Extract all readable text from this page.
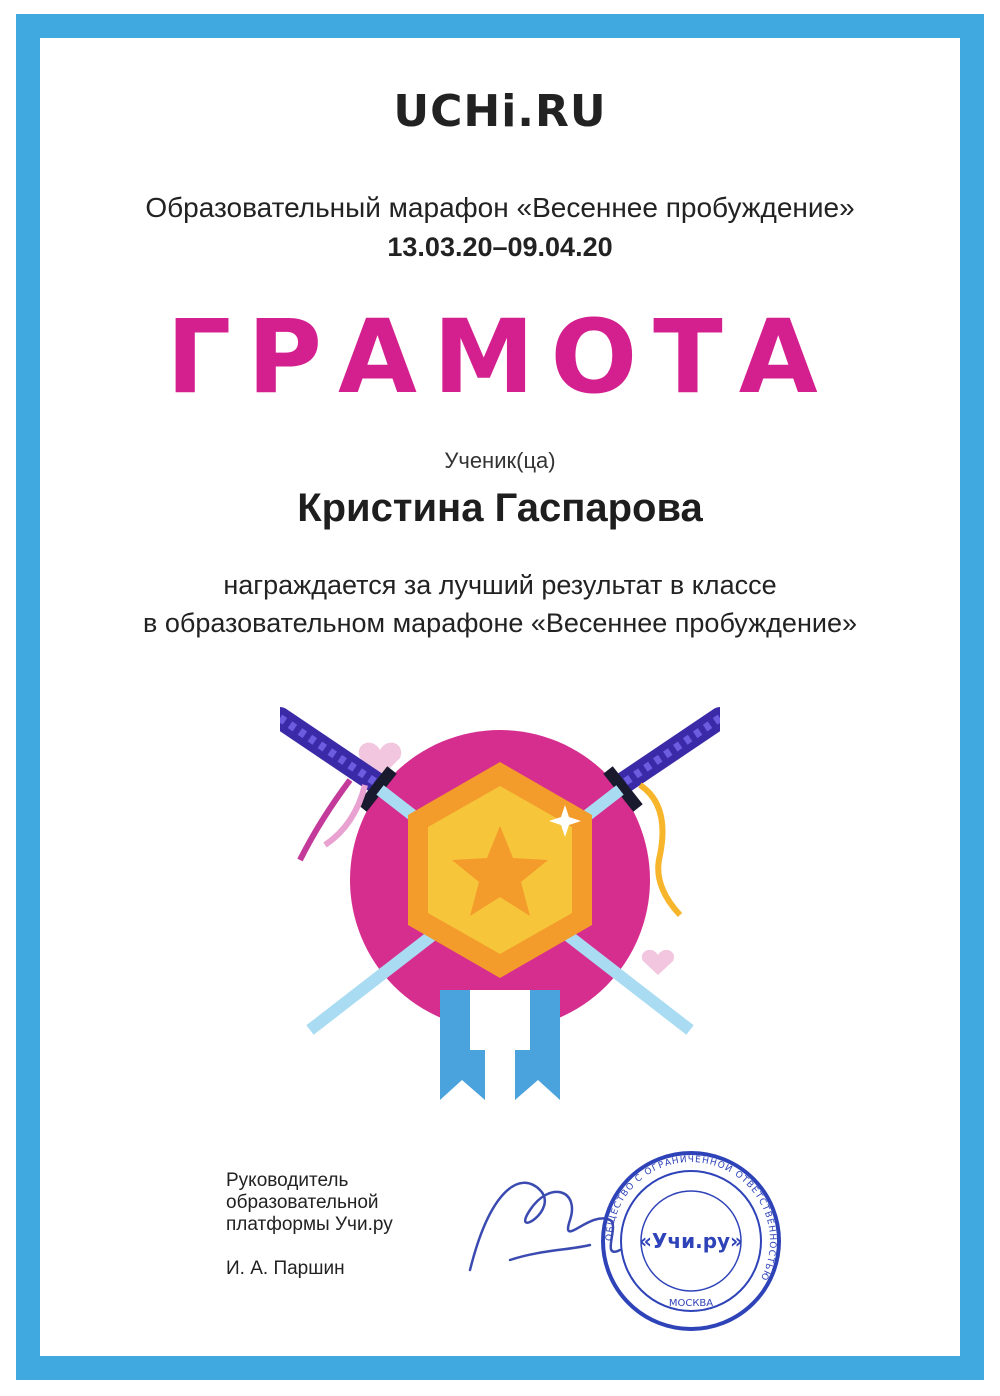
UCHi.RU
Образовательный марафон «Весеннее пробуждение»
13.03.20–09.04.20
ГРАМОТА
Ученик(ца)
Кристина Гаспарова
награждается за лучший результат в классе
в образовательном марафоне «Весеннее пробуждение»
Руководитель
образовательной
платформы Учи.ру
И. А. Паршин
ОБЩЕСТВО С ОГРАНИЧЕННОЙ ОТВЕТСТВЕННОСТЬЮ
«Учи.ру»
МОСКВА
